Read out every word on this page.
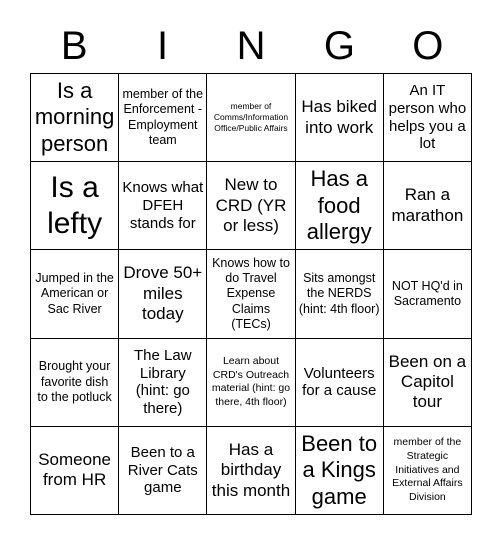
B	I	N	G	O
Is a morning person
member of the Enforcement - Employment team
member of Comms/Information Office/Public Affairs
Has biked into work
An IT person who helps you a lot
Is a lefty
Knows what DFEH stands for
New to CRD (YR or less)
Has a food allergy
Ran a marathon
Jumped in the American or Sac River
Drove 50+ miles today
Knows how to do Travel Expense Claims (TECs)
Sits amongst the NERDS (hint: 4th floor)
NOT HQ'd in Sacramento
Brought your favorite dish to the potluck
The Law Library (hint: go there)
Learn about CRD's Outreach material (hint: go there, 4th floor)
Volunteers for a cause
Been on a Capitol tour
Someone from HR
Been to a River Cats game
Has a birthday this month
Been to a Kings game
member of the Strategic Initiatives and External Affairs Division
